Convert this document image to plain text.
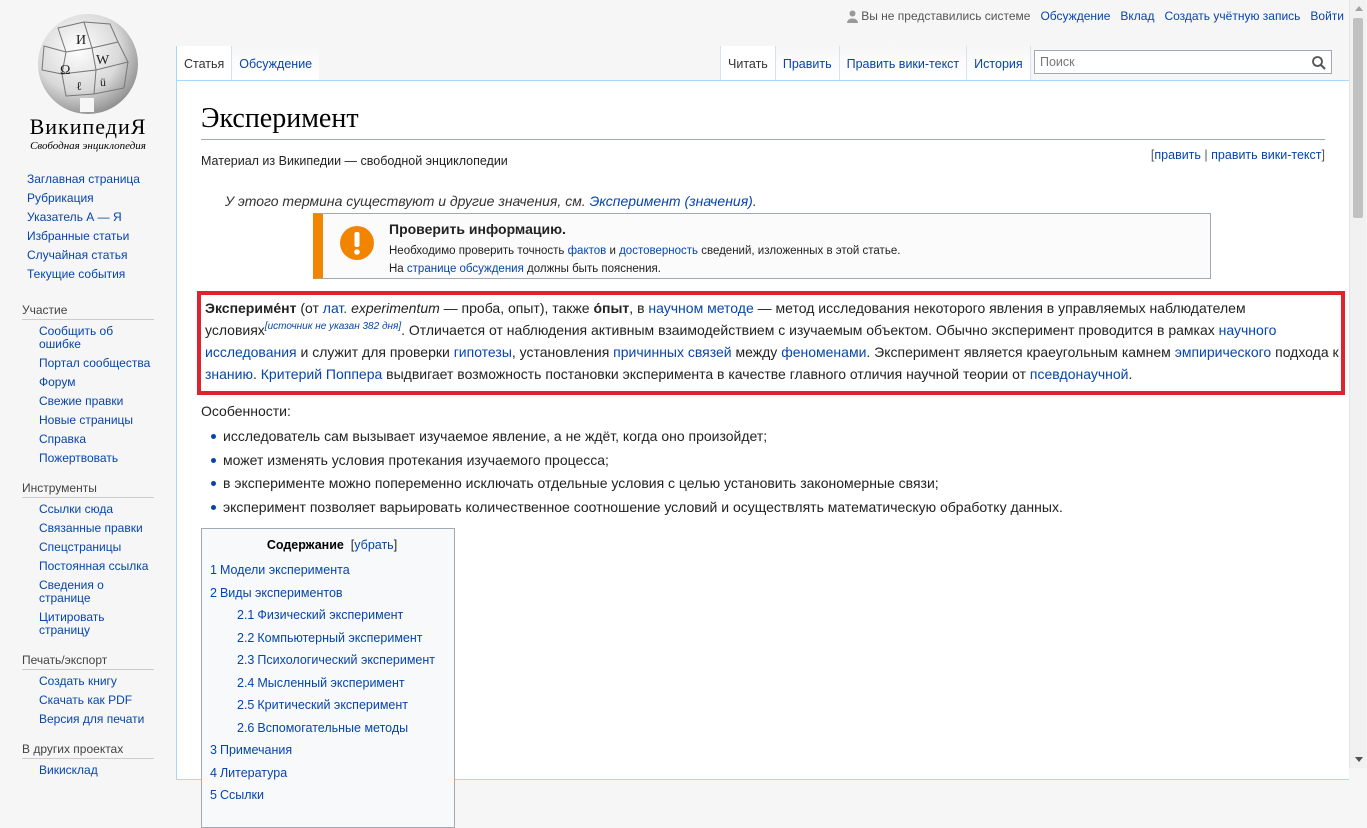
И
W
Ω
ü
ℓ
ВикипедиЯ
Свободная энциклопедия
Вы не представились системе Обсуждение Вклад Создать учётную запись Войти
Статья	Обсуждение	Читать	Править	Править вики-текст	История
Поиск
Заглавная страница
Рубрикация
Указатель А — Я
Избранные статьи
Случайная статья
Текущие события
Участие
Сообщить об ошибке
Портал сообщества
Форум
Свежие правки
Новые страницы
Справка
Пожертвовать
Инструменты
Ссылки сюда
Связанные правки
Спецстраницы
Постоянная ссылка
Сведения о странице
Цитировать страницу
Печать/экспорт
Создать книгу
Скачать как PDF
Версия для печати
В других проектах
Викисклад
Эксперимент
Материал из Википедии — свободной энциклопедии	[править | править вики-текст]
У этого термина существуют и другие значения, см. Эксперимент (значения).
Проверить информацию.
Необходимо проверить точность фактов и достоверность сведений, изложенных в этой статье.
На странице обсуждения должны быть пояснения.

Экспериме́нт (от лат. experimentum — проба, опыт), также о́пыт, в научном методе — метод исследования некоторого явления в управляемых наблюдателем условиях[источник не указан 382 дня]. Отличается от наблюдения активным взаимодействием с изучаемым объектом. Обычно эксперимент проводится в рамках научного исследования и служит для проверки гипотезы, установления причинных связей между феноменами. Эксперимент является краеугольным камнем эмпирического подхода к знанию. Критерий Поппера выдвигает возможность постановки эксперимента в качестве главного отличия научной теории от псевдонаучной.

Особенности:
исследователь сам вызывает изучаемое явление, а не ждёт, когда оно произойдет;
может изменять условия протекания изучаемого процесса;
в эксперименте можно попеременно исключать отдельные условия с целью установить закономерные связи;
эксперимент позволяет варьировать количественное соотношение условий и осуществлять математическую обработку данных.
Содержание  [убрать]
1 Модели эксперимента
2 Виды экспериментов
2.1 Физический эксперимент
2.2 Компьютерный эксперимент
2.3 Психологический эксперимент
2.4 Мысленный эксперимент
2.5 Критический эксперимент
2.6 Вспомогательные методы
3 Примечания
4 Литература
5 Ссылки
